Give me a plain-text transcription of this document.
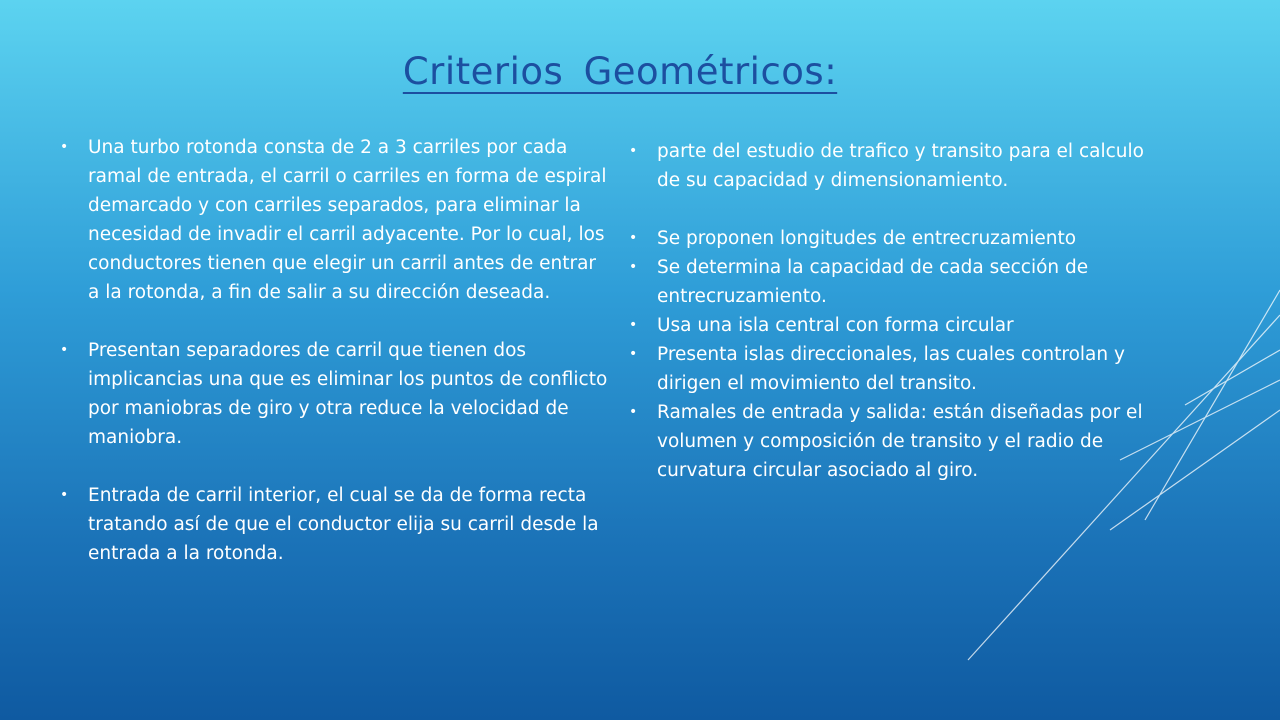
Criterios Geométricos:
• Una turbo rotonda consta de 2 a 3 carriles por cada ramal de entrada, el carril o carriles en forma de espiral demarcado y con carriles separados, para eliminar la necesidad de invadir el carril adyacente. Por lo cual, los conductores tienen que elegir un carril antes de entrar a la rotonda, a fin de salir a su dirección deseada.
• Presentan separadores de carril que tienen dos implicancias una que es eliminar los puntos de conflicto por maniobras de giro y otra reduce la velocidad de maniobra.
• Entrada de carril interior, el cual se da de forma recta tratando así de que el conductor elija su carril desde la entrada a la rotonda.
• parte del estudio de trafico y transito para el calculo de su capacidad y dimensionamiento.
• Se proponen longitudes de entrecruzamiento
• Se determina la capacidad de cada sección de entrecruzamiento.
• Usa una isla central con forma circular
• Presenta islas direccionales, las cuales controlan y dirigen el movimiento del transito.
• Ramales de entrada y salida: están diseñadas por el volumen y composición de transito y el radio de curvatura circular asociado al giro.
